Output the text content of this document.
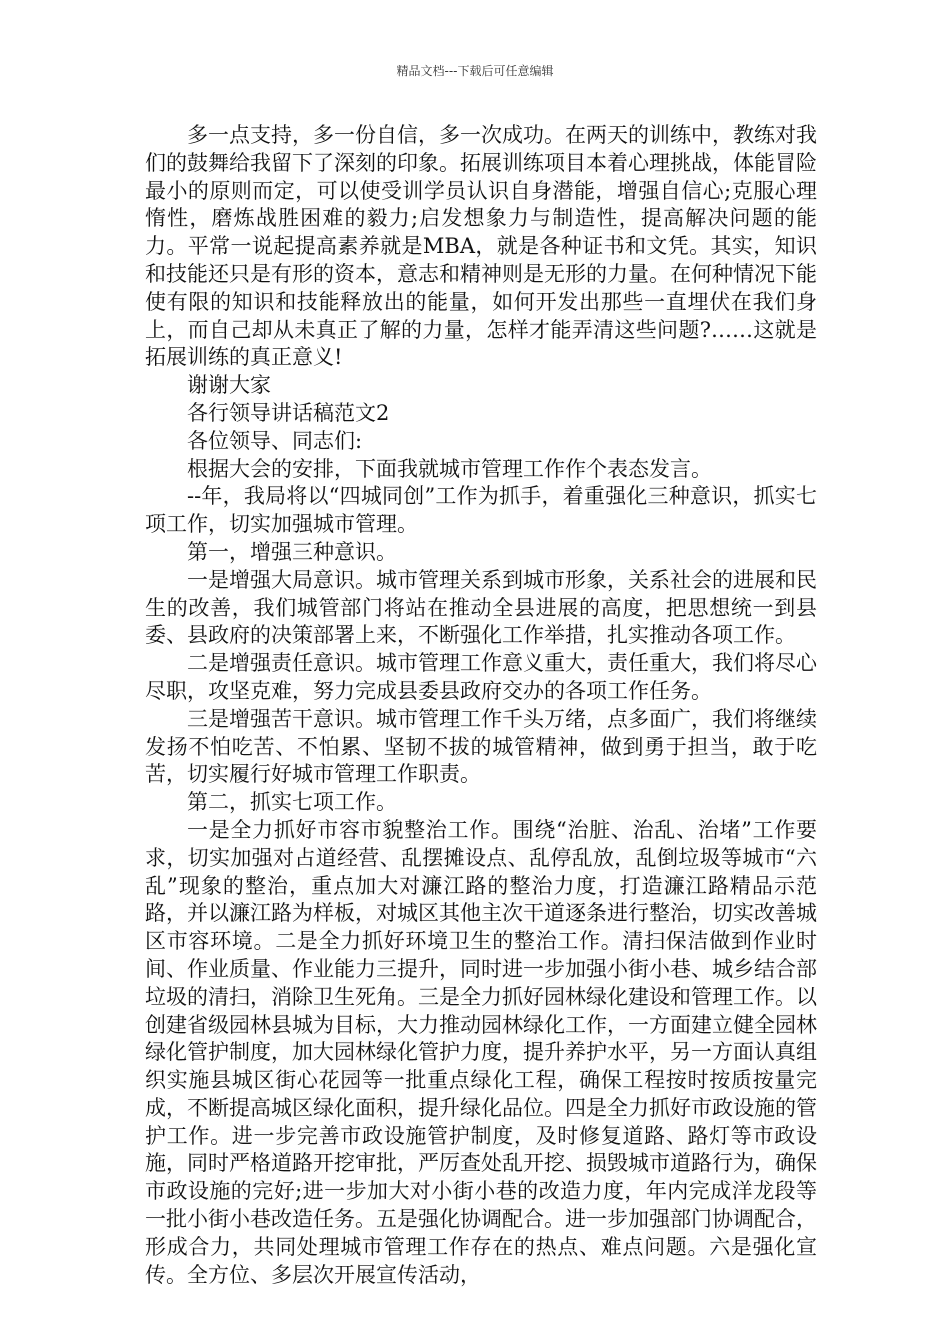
精品文档---下载后可任意编辑

多一点支持，多一份自信，多一次成功。在两天的训练中，教练对我们的鼓舞给我留下了深刻的印象。拓展训练项目本着心理挑战，体能冒险最小的原则而定，可以使受训学员认识自身潜能，增强自信心;克服心理惰性，磨炼战胜困难的毅力;启发想象力与制造性，提高解决问题的能力。平常一说起提高素养就是MBA，就是各种证书和文凭。其实，知识和技能还只是有形的资本，意志和精神则是无形的力量。在何种情况下能使有限的知识和技能释放出的能量，如何开发出那些一直埋伏在我们身上，而自己却从未真正了解的力量，怎样才能弄清这些问题?……这就是拓展训练的真正意义!

谢谢大家

各行领导讲话稿范文2

各位领导、同志们:

根据大会的安排，下面我就城市管理工作作个表态发言。

--年，我局将以“四城同创”工作为抓手，着重强化三种意识，抓实七项工作，切实加强城市管理。

第一，增强三种意识。

一是增强大局意识。城市管理关系到城市形象，关系社会的进展和民生的改善，我们城管部门将站在推动全县进展的高度，把思想统一到县委、县政府的决策部署上来，不断强化工作举措，扎实推动各项工作。

二是增强责任意识。城市管理工作意义重大，责任重大，我们将尽心尽职，攻坚克难，努力完成县委县政府交办的各项工作任务。

三是增强苦干意识。城市管理工作千头万绪，点多面广，我们将继续发扬不怕吃苦、不怕累、坚韧不拔的城管精神，做到勇于担当，敢于吃苦，切实履行好城市管理工作职责。

第二，抓实七项工作。

一是全力抓好市容市貌整治工作。围绕“治脏、治乱、治堵”工作要求，切实加强对占道经营、乱摆摊设点、乱停乱放，乱倒垃圾等城市“六乱”现象的整治，重点加大对濂江路的整治力度，打造濂江路精品示范路，并以濂江路为样板，对城区其他主次干道逐条进行整治，切实改善城区市容环境。二是全力抓好环境卫生的整治工作。清扫保洁做到作业时间、作业质量、作业能力三提升，同时进一步加强小街小巷、城乡结合部垃圾的清扫，消除卫生死角。三是全力抓好园林绿化建设和管理工作。以创建省级园林县城为目标，大力推动园林绿化工作，一方面建立健全园林绿化管护制度，加大园林绿化管护力度，提升养护水平，另一方面认真组织实施县城区街心花园等一批重点绿化工程，确保工程按时按质按量完成，不断提高城区绿化面积，提升绿化品位。四是全力抓好市政设施的管护工作。进一步完善市政设施管护制度，及时修复道路、路灯等市政设施，同时严格道路开挖审批，严厉查处乱开挖、损毁城市道路行为，确保市政设施的完好;进一步加大对小街小巷的改造力度，年内完成洋龙段等一批小街小巷改造任务。五是强化协调配合。进一步加强部门协调配合，形成合力，共同处理城市管理工作存在的热点、难点问题。六是强化宣传。全方位、多层次开展宣传活动，
